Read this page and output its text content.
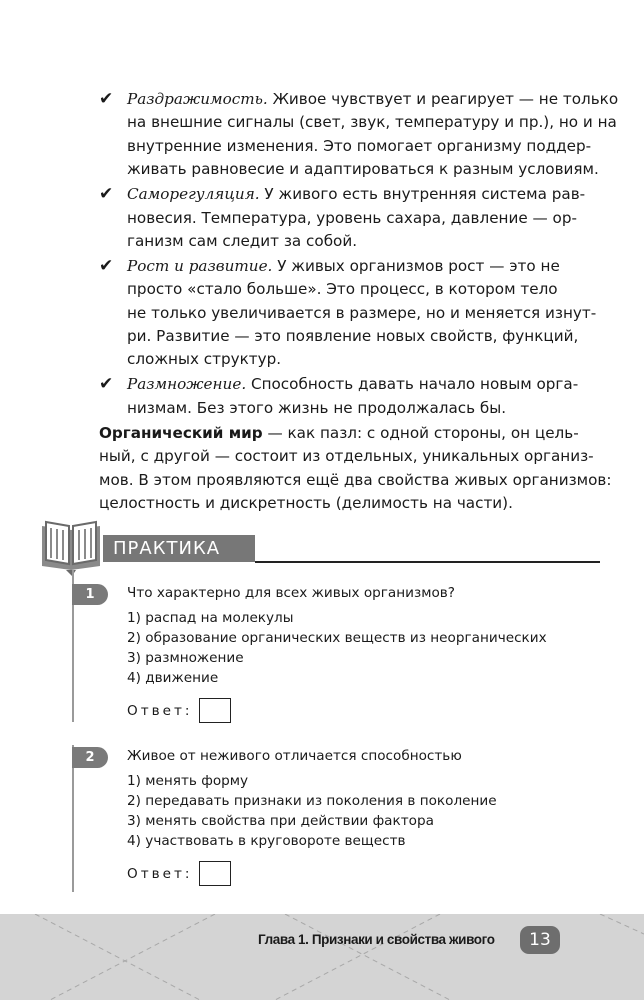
✔ Раздражимость. Живое чувствует и реагирует — не только
на внешние сигналы (свет, звук, температуру и пр.), но и на
внутренние изменения. Это помогает организму поддер-
живать равновесие и адаптироваться к разным условиям.
✔ Саморегуляция. У живого есть внутренняя система рав-
новесия. Температура, уровень сахара, давление — ор-
ганизм сам следит за собой.
✔ Рост и развитие. У живых организмов рост — это не
просто «стало больше». Это процесс, в котором тело
не только увеличивается в размере, но и меняется изнут-
ри. Развитие — это появление новых свойств, функций,
сложных структур.
✔ Размножение. Способность давать начало новым орга-
низмам. Без этого жизнь не продолжалась бы.
Органический мир — как пазл: с одной стороны, он цель-
ный, с другой — состоит из отдельных, уникальных организ-
мов. В этом проявляются ещё два свойства живых организмов:
целостность и дискретность (делимость на части).
ПРАКТИКА
1	Что характерно для всех живых организмов?
1) распад на молекулы
2) образование органических веществ из неорганических
3) размножение
4) движение
Ответ:
2	Живое от неживого отличается способностью
1) менять форму
2) передавать признаки из поколения в поколение
3) менять свойства при действии фактора
4) участвовать в круговороте веществ
Ответ:
Глава 1. Признаки и свойства живого	13
